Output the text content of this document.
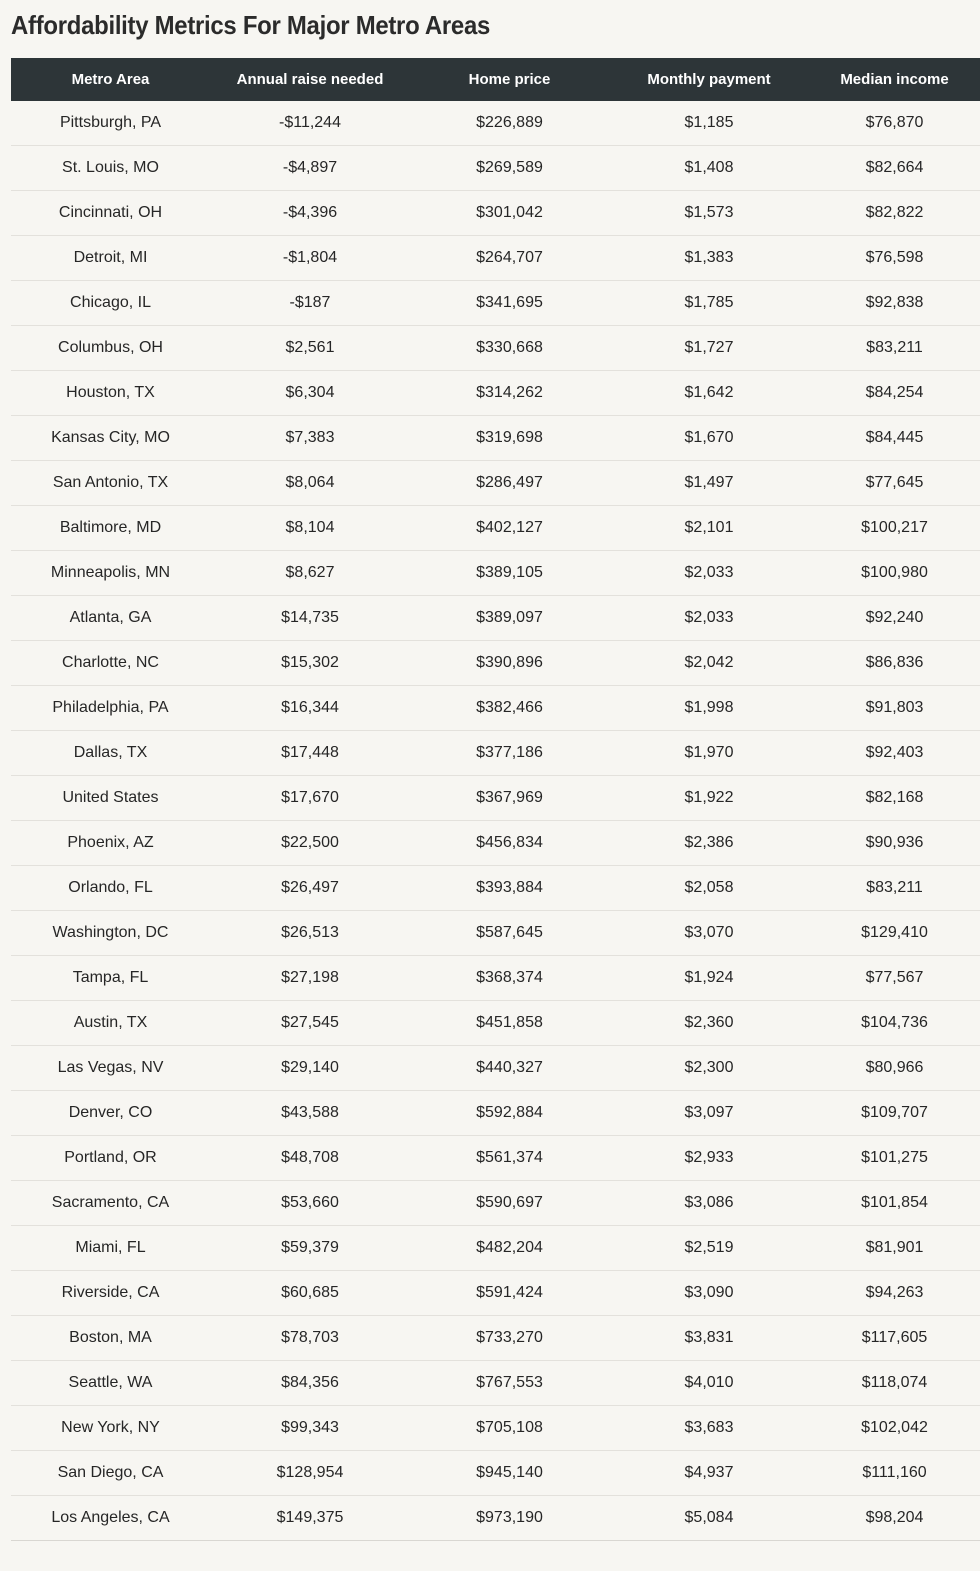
Affordability Metrics For Major Metro Areas
Metro Area	Annual raise needed	Home price	Monthly payment	Median income
Pittsburgh, PA	-$11,244	$226,889	$1,185	$76,870
St. Louis, MO	-$4,897	$269,589	$1,408	$82,664
Cincinnati, OH	-$4,396	$301,042	$1,573	$82,822
Detroit, MI	-$1,804	$264,707	$1,383	$76,598
Chicago, IL	-$187	$341,695	$1,785	$92,838
Columbus, OH	$2,561	$330,668	$1,727	$83,211
Houston, TX	$6,304	$314,262	$1,642	$84,254
Kansas City, MO	$7,383	$319,698	$1,670	$84,445
San Antonio, TX	$8,064	$286,497	$1,497	$77,645
Baltimore, MD	$8,104	$402,127	$2,101	$100,217
Minneapolis, MN	$8,627	$389,105	$2,033	$100,980
Atlanta, GA	$14,735	$389,097	$2,033	$92,240
Charlotte, NC	$15,302	$390,896	$2,042	$86,836
Philadelphia, PA	$16,344	$382,466	$1,998	$91,803
Dallas, TX	$17,448	$377,186	$1,970	$92,403
United States	$17,670	$367,969	$1,922	$82,168
Phoenix, AZ	$22,500	$456,834	$2,386	$90,936
Orlando, FL	$26,497	$393,884	$2,058	$83,211
Washington, DC	$26,513	$587,645	$3,070	$129,410
Tampa, FL	$27,198	$368,374	$1,924	$77,567
Austin, TX	$27,545	$451,858	$2,360	$104,736
Las Vegas, NV	$29,140	$440,327	$2,300	$80,966
Denver, CO	$43,588	$592,884	$3,097	$109,707
Portland, OR	$48,708	$561,374	$2,933	$101,275
Sacramento, CA	$53,660	$590,697	$3,086	$101,854
Miami, FL	$59,379	$482,204	$2,519	$81,901
Riverside, CA	$60,685	$591,424	$3,090	$94,263
Boston, MA	$78,703	$733,270	$3,831	$117,605
Seattle, WA	$84,356	$767,553	$4,010	$118,074
New York, NY	$99,343	$705,108	$3,683	$102,042
San Diego, CA	$128,954	$945,140	$4,937	$111,160
Los Angeles, CA	$149,375	$973,190	$5,084	$98,204
